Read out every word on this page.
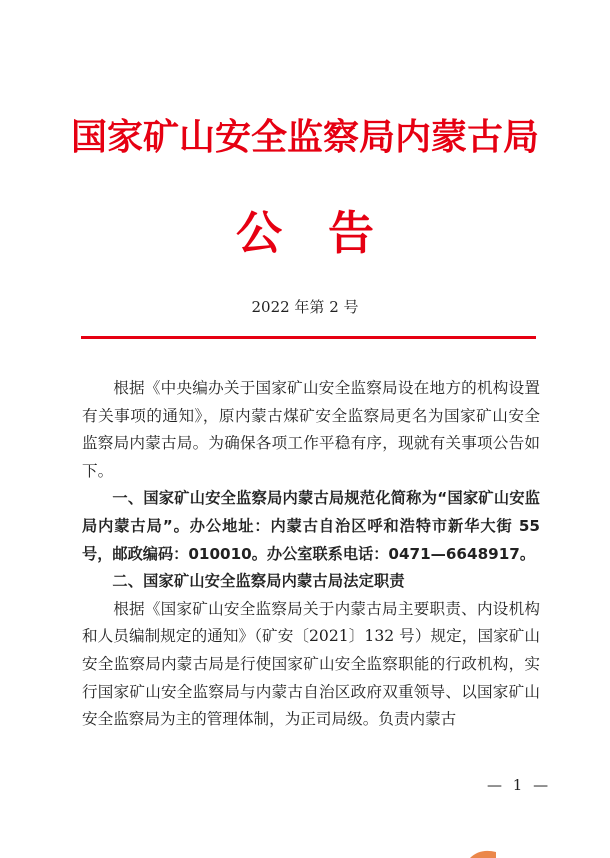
国家矿山安全监察局内蒙古局
公告
2022 年第 2 号

根据《中央编办关于国家矿山安全监察局设在地方的机构设置有关事项的通知》，原内蒙古煤矿安全监察局更名为国家矿山安全监察局内蒙古局。为确保各项工作平稳有序，现就有关事项公告如下。

一、国家矿山安全监察局内蒙古局规范化简称为“国家矿山安监局内蒙古局”。办公地址：内蒙古自治区呼和浩特市新华大街 55 号，邮政编码：010010。办公室联系电话：0471—6648917。

二、国家矿山安全监察局内蒙古局法定职责

根据《国家矿山安全监察局关于内蒙古局主要职责、内设机构和人员编制规定的通知》（矿安〔2021〕132 号）规定，国家矿山安全监察局内蒙古局是行使国家矿山安全监察职能的行政机构，实行国家矿山安全监察局与内蒙古自治区政府双重领导、以国家矿山安全监察局为主的管理体制，为正司局级。负责内蒙古

— 1 —
